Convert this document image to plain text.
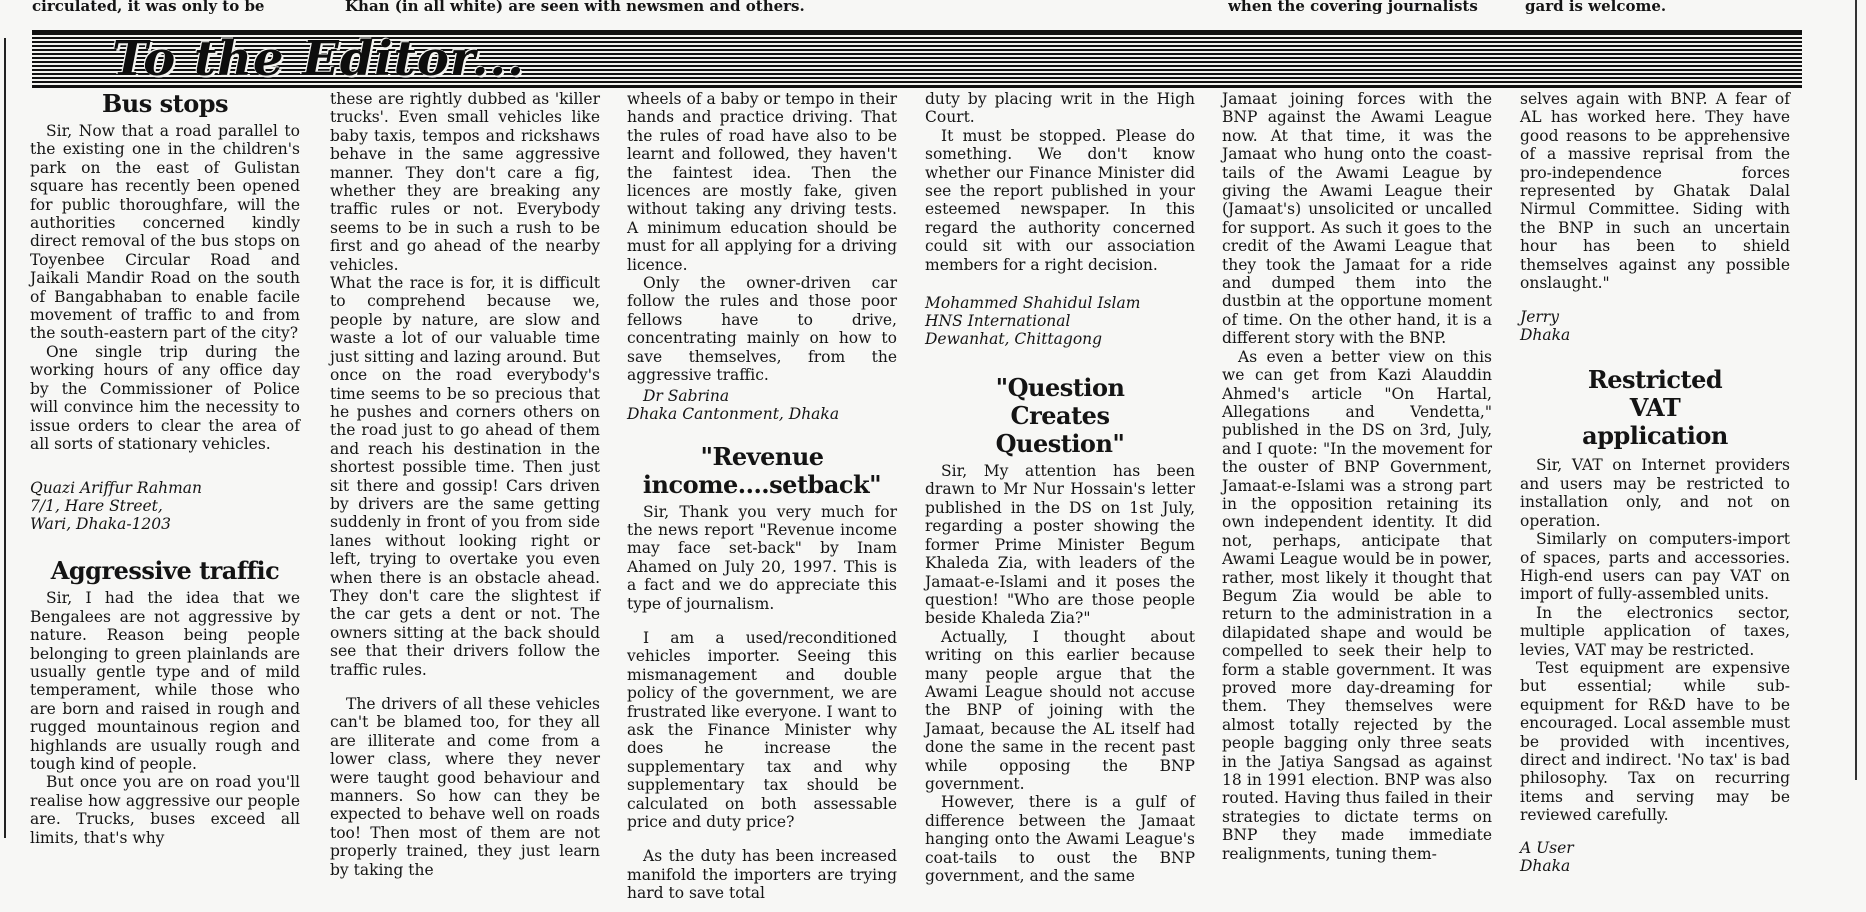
circulated, it was only to be	Khan (in all white) are seen with newsmen and others.	when the covering journalists	gard is welcome.
To the Editor...
Bus stops

Sir, Now that a road parallel to the existing one in the children's park on the east of Gulistan square has recently been opened for public thoroughfare, will the authorities concerned kindly direct removal of the bus stops on Toyenbee Circular Road and Jaikali Mandir Road on the south of Bangabhaban to enable facile movement of traffic to and from the south-eastern part of the city?

One single trip during the working hours of any office day by the Commissioner of Police will convince him the necessity to issue orders to clear the area of all sorts of stationary vehicles.

Quazi Ariffur Rahman
7/1, Hare Street,
Wari, Dhaka-1203
Aggressive traffic

Sir, I had the idea that we Bengalees are not aggressive by nature. Reason being people belonging to green plainlands are usually gentle type and of mild temperament, while those who are born and raised in rough and rugged mountainous region and highlands are usually rough and tough kind of people.

But once you are on road you'll realise how aggressive our people are. Trucks, buses exceed all limits, that's why

these are rightly dubbed as 'killer trucks'. Even small vehicles like baby taxis, tempos and rickshaws behave in the same aggressive manner. They don't care a fig, whether they are breaking any traffic rules or not. Everybody seems to be in such a rush to be first and go ahead of the nearby vehicles.

What the race is for, it is difficult to comprehend because we, people by nature, are slow and waste a lot of our valuable time just sitting and lazing around. But once on the road everybody's time seems to be so precious that he pushes and corners others on the road just to go ahead of them and reach his destination in the shortest possible time. Then just sit there and gossip! Cars driven by drivers are the same getting suddenly in front of you from side lanes without looking right or left, trying to overtake you even when there is an obstacle ahead. They don't care the slightest if the car gets a dent or not. The owners sitting at the back should see that their drivers follow the traffic rules.

The drivers of all these vehicles can't be blamed too, for they all are illiterate and come from a lower class, where they never were taught good behaviour and manners. So how can they be expected to behave well on roads too! Then most of them are not properly trained, they just learn by taking the

wheels of a baby or tempo in their hands and practice driving. That the rules of road have also to be learnt and followed, they haven't the faintest idea. Then the licences are mostly fake, given without taking any driving tests. A minimum education should be must for all applying for a driving licence.

Only the owner-driven car follow the rules and those poor fellows have to drive, concentrating mainly on how to save themselves, from the aggressive traffic.

Dr Sabrina
Dhaka Cantonment, Dhaka
"Revenue income....setback"

Sir, Thank you very much for the news report "Revenue income may face set-back" by Inam Ahamed on July 20, 1997. This is a fact and we do appreciate this type of journalism.

I am a used/reconditioned vehicles importer. Seeing this mismanagement and double policy of the government, we are frustrated like everyone. I want to ask the Finance Minister why does he increase the supplementary tax and why supplementary tax should be calculated on both assessable price and duty price?

As the duty has been increased manifold the importers are trying hard to save total

duty by placing writ in the High Court.

It must be stopped. Please do something. We don't know whether our Finance Minister did see the report published in your esteemed newspaper. In this regard the authority concerned could sit with our association members for a right decision.

Mohammed Shahidul Islam
HNS International
Dewanhat, Chittagong
"Question Creates Question"

Sir, My attention has been drawn to Mr Nur Hossain's letter published in the DS on 1st July, regarding a poster showing the former Prime Minister Begum Khaleda Zia, with leaders of the Jamaat-e-Islami and it poses the question! "Who are those people beside Khaleda Zia?"

Actually, I thought about writing on this earlier because many people argue that the Awami League should not accuse the BNP of joining with the Jamaat, because the AL itself had done the same in the recent past while opposing the BNP government.

However, there is a gulf of difference between the Jamaat hanging onto the Awami League's coat-tails to oust the BNP government, and the same

Jamaat joining forces with the BNP against the Awami League now. At that time, it was the Jamaat who hung onto the coast-tails of the Awami League by giving the Awami League their (Jamaat's) unsolicited or uncalled for support. As such it goes to the credit of the Awami League that they took the Jamaat for a ride and dumped them into the dustbin at the opportune moment of time. On the other hand, it is a different story with the BNP.

As even a better view on this we can get from Kazi Alauddin Ahmed's article "On Hartal, Allegations and Vendetta," published in the DS on 3rd, July, and I quote: "In the movement for the ouster of BNP Government, Jamaat-e-Islami was a strong part in the opposition retaining its own independent identity. It did not, perhaps, anticipate that Awami League would be in power, rather, most likely it thought that Begum Zia would be able to return to the administration in a dilapidated shape and would be compelled to seek their help to form a stable government. It was proved more day-dreaming for them. They themselves were almost totally rejected by the people bagging only three seats in the Jatiya Sangsad as against 18 in 1991 election. BNP was also routed. Having thus failed in their strategies to dictate terms on BNP they made immediate realignments, tuning them-

selves again with BNP. A fear of AL has worked here. They have good reasons to be apprehensive of a massive reprisal from the pro-independence forces represented by Ghatak Dalal Nirmul Committee. Siding with the BNP in such an uncertain hour has been to shield themselves against any possible onslaught."

Jerry
Dhaka
Restricted VAT application

Sir, VAT on Internet providers and users may be restricted to installation only, and not on operation.

Similarly on computers-import of spaces, parts and accessories. High-end users can pay VAT on import of fully-assembled units.

In the electronics sector, multiple application of taxes, levies, VAT may be restricted.

Test equipment are expensive but essential; while sub-equipment for R&D have to be encouraged. Local assemble must be provided with incentives, direct and indirect. 'No tax' is bad philosophy. Tax on recurring items and serving may be reviewed carefully.

A User
Dhaka
